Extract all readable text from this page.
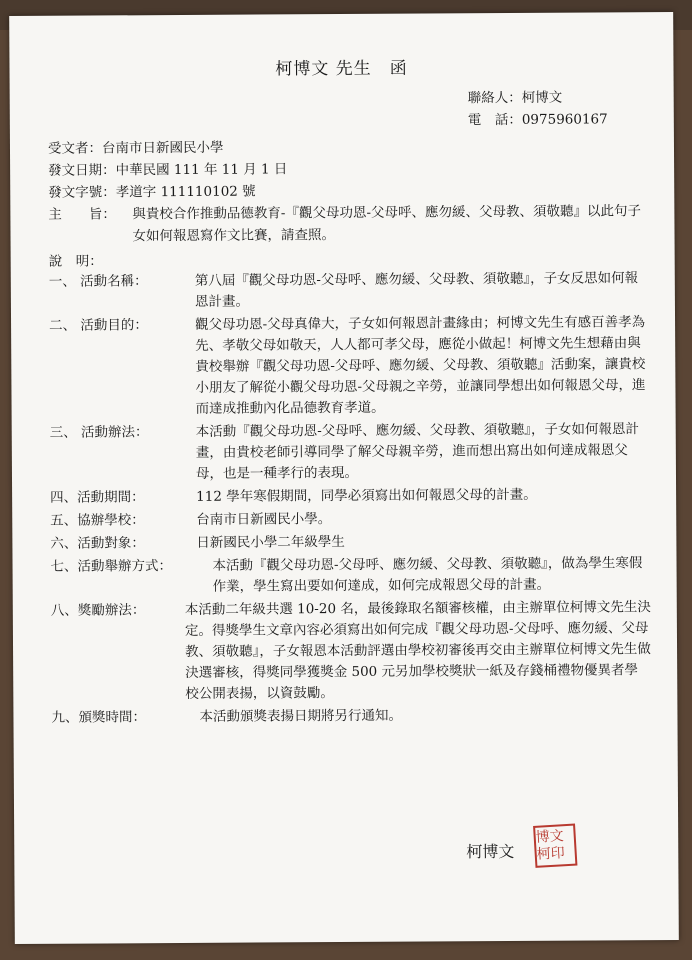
柯博文 先生　函
聯絡人：柯博文
電　話：0975960167
受文者：台南市日新國民小學
發文日期：中華民國 111 年 11 月 1 日
發文字號：孝道字 111110102 號
主　　旨： 與貴校合作推動品德教育-『觀父母功恩-父母呼、應勿緩、父母教、須敬聽』以此句子女如何報恩寫作文比賽，請查照。
說　明：
一、 活動名稱：	第八屆『觀父母功恩-父母呼、應勿緩、父母教、須敬聽』，子女反思如何報恩計畫。
二、 活動目的：	觀父母功恩-父母真偉大，子女如何報恩計畫緣由；柯博文先生有感百善孝為先、孝敬父母如敬天，人人都可孝父母，應從小做起！柯博文先生想藉由與貴校舉辦『觀父母功恩-父母呼、應勿緩、父母教、須敬聽』活動案，讓貴校小朋友了解從小觀父母功恩-父母親之辛勞，並讓同學想出如何報恩父母，進而達成推動內化品德教育孝道。
三、 活動辦法：	本活動『觀父母功恩-父母呼、應勿緩、父母教、須敬聽』，子女如何報恩計畫，由貴校老師引導同學了解父母親辛勞，進而想出寫出如何達成報恩父母，也是一種孝行的表現。
四、活動期間：	112 學年寒假期間，同學必須寫出如何報恩父母的計畫。
五、協辦學校：	台南市日新國民小學。
六、活動對象：	日新國民小學二年級學生
七、活動舉辦方式：	本活動『觀父母功恩-父母呼、應勿緩、父母教、須敬聽』，做為學生寒假作業，學生寫出要如何達成，如何完成報恩父母的計畫。
八、獎勵辦法：	本活動二年級共選 10-20 名，最後錄取名額審核權，由主辦單位柯博文先生決定。得獎學生文章內容必須寫出如何完成『觀父母功恩-父母呼、應勿緩、父母教、須敬聽』，子女報恩本活動評選由學校初審後再交由主辦單位柯博文先生做決選審核，得獎同學獲獎金 500 元另加學校獎狀一紙及存錢桶禮物優異者學校公開表揚，以資鼓勵。
九、頒獎時間：	本活動頒獎表揚日期將另行通知。
柯博文
博文柯印
